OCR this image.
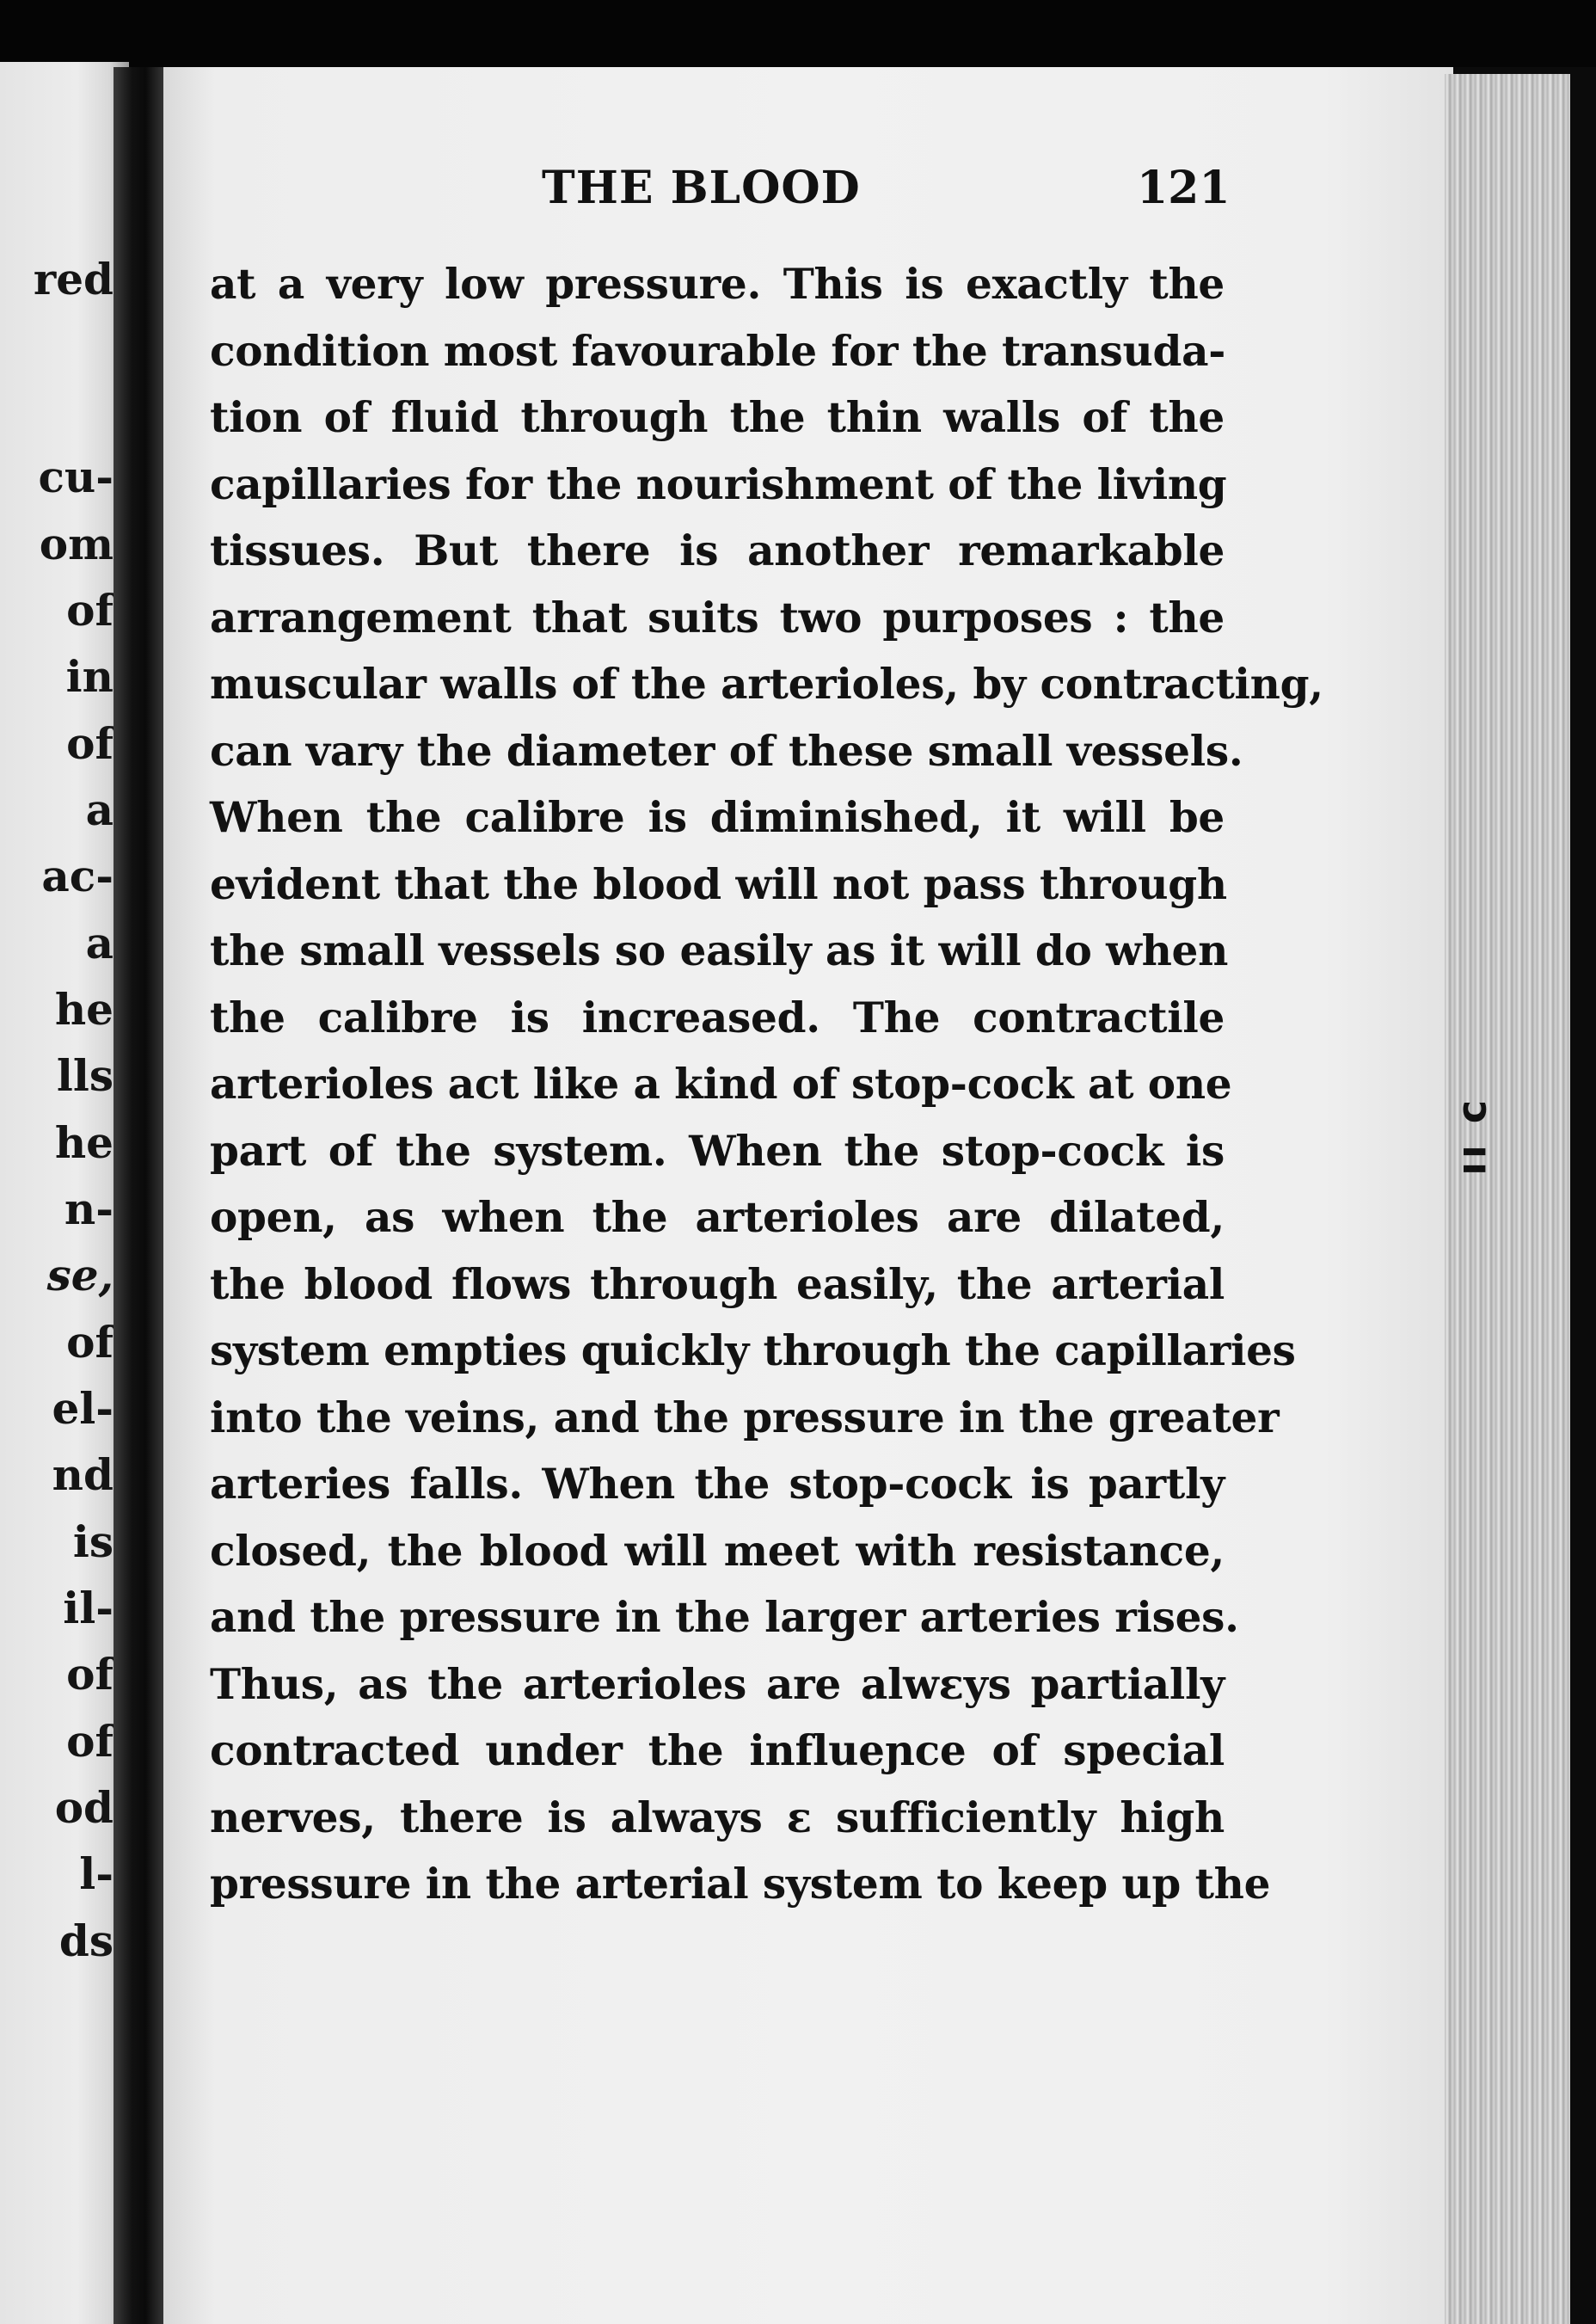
red
cu-
om
of
in
of
a
ac-
a
he
lls
he
n-
se,
of
el-
nd
is
il-
of
of
od
l-
ds
ↄ ıı
THE BLOOD	121
at a very low pressure. This is exactly the
condition most favourable for the transuda-
tion of fluid through the thin walls of the
capillaries for the nourishment of the living
tissues. But there is another remarkable
arrangement that suits two purposes : the
muscular walls of the arterioles, by contracting,
can vary the diameter of these small vessels.
When the calibre is diminished, it will be
evident that the blood will not pass through
the small vessels so easily as it will do when
the calibre is increased. The contractile
arterioles act like a kind of stop-cock at one
part of the system. When the stop-cock is
open, as when the arterioles are dilated,
the blood flows through easily, the arterial
system empties quickly through the capillaries
into the veins, and the pressure in the greater
arteries falls. When the stop-cock is partly
closed, the blood will meet with resistance,
and the pressure in the larger arteries rises.
Thus, as the arterioles are alwɛys partially
contracted under the influeɲce of special
nerves, there is always ɛ sufficiently high
pressure in the arterial system to keep up the
